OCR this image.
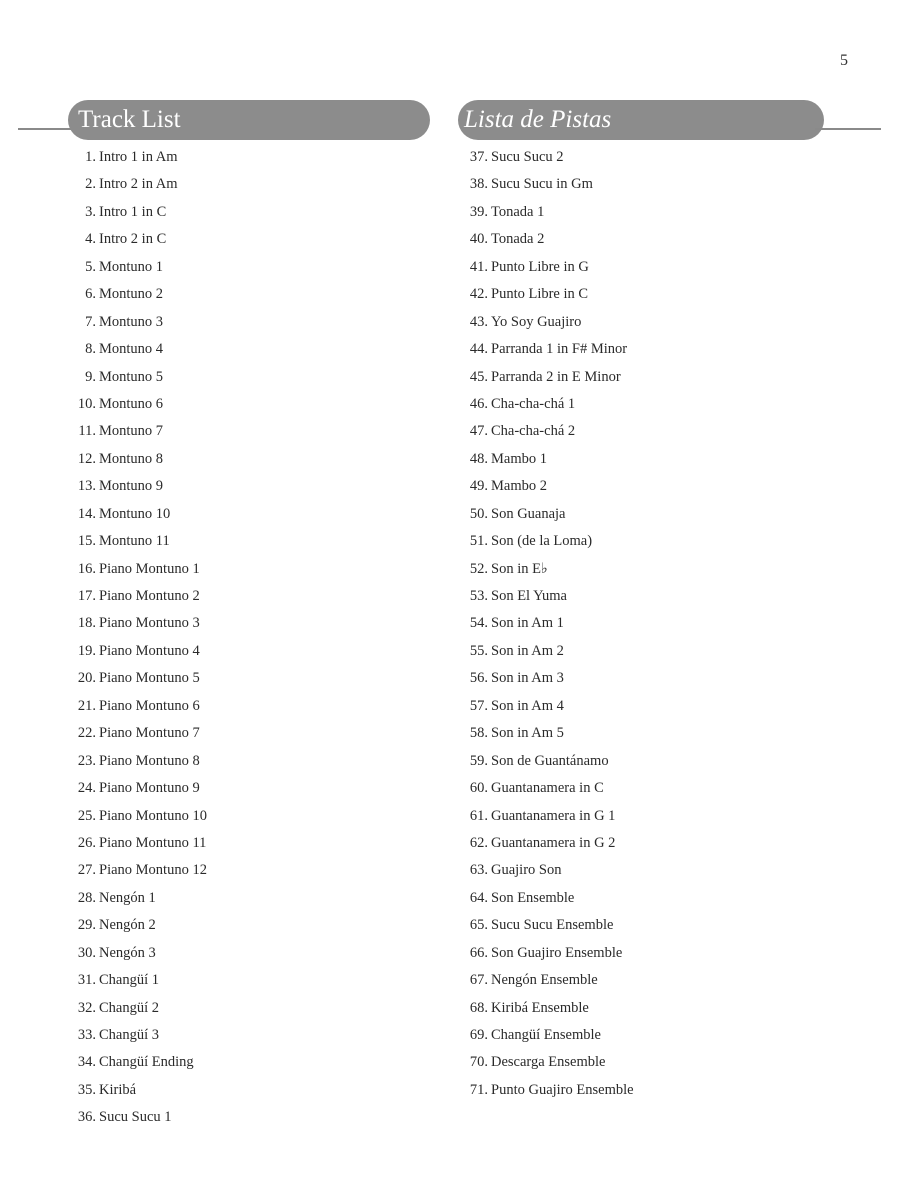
5
Track List	Lista de Pistas
1. Intro 1 in Am
2. Intro 2 in Am
3. Intro 1 in C
4. Intro 2 in C
5. Montuno 1
6. Montuno 2
7. Montuno 3
8. Montuno 4
9. Montuno 5
10. Montuno 6
11. Montuno 7
12. Montuno 8
13. Montuno 9
14. Montuno 10
15. Montuno 11
16. Piano Montuno 1
17. Piano Montuno 2
18. Piano Montuno 3
19. Piano Montuno 4
20. Piano Montuno 5
21. Piano Montuno 6
22. Piano Montuno 7
23. Piano Montuno 8
24. Piano Montuno 9
25. Piano Montuno 10
26. Piano Montuno 11
27. Piano Montuno 12
28. Nengón 1
29. Nengón 2
30. Nengón 3
31. Changüí 1
32. Changüí 2
33. Changüí 3
34. Changüí Ending
35. Kiribá
36. Sucu Sucu 1
37. Sucu Sucu 2
38. Sucu Sucu in Gm
39. Tonada 1
40. Tonada 2
41. Punto Libre in G
42. Punto Libre in C
43. Yo Soy Guajiro
44. Parranda 1 in F# Minor
45. Parranda 2 in E Minor
46. Cha-cha-chá 1
47. Cha-cha-chá 2
48. Mambo 1
49. Mambo 2
50. Son Guanaja
51. Son (de la Loma)
52. Son in E♭
53. Son El Yuma
54. Son in Am 1
55. Son in Am 2
56. Son in Am 3
57. Son in Am 4
58. Son in Am 5
59. Son de Guantánamo
60. Guantanamera in C
61. Guantanamera in G 1
62. Guantanamera in G 2
63. Guajiro Son
64. Son Ensemble
65. Sucu Sucu Ensemble
66. Son Guajiro Ensemble
67. Nengón Ensemble
68. Kiribá Ensemble
69. Changüí Ensemble
70. Descarga Ensemble
71. Punto Guajiro Ensemble
